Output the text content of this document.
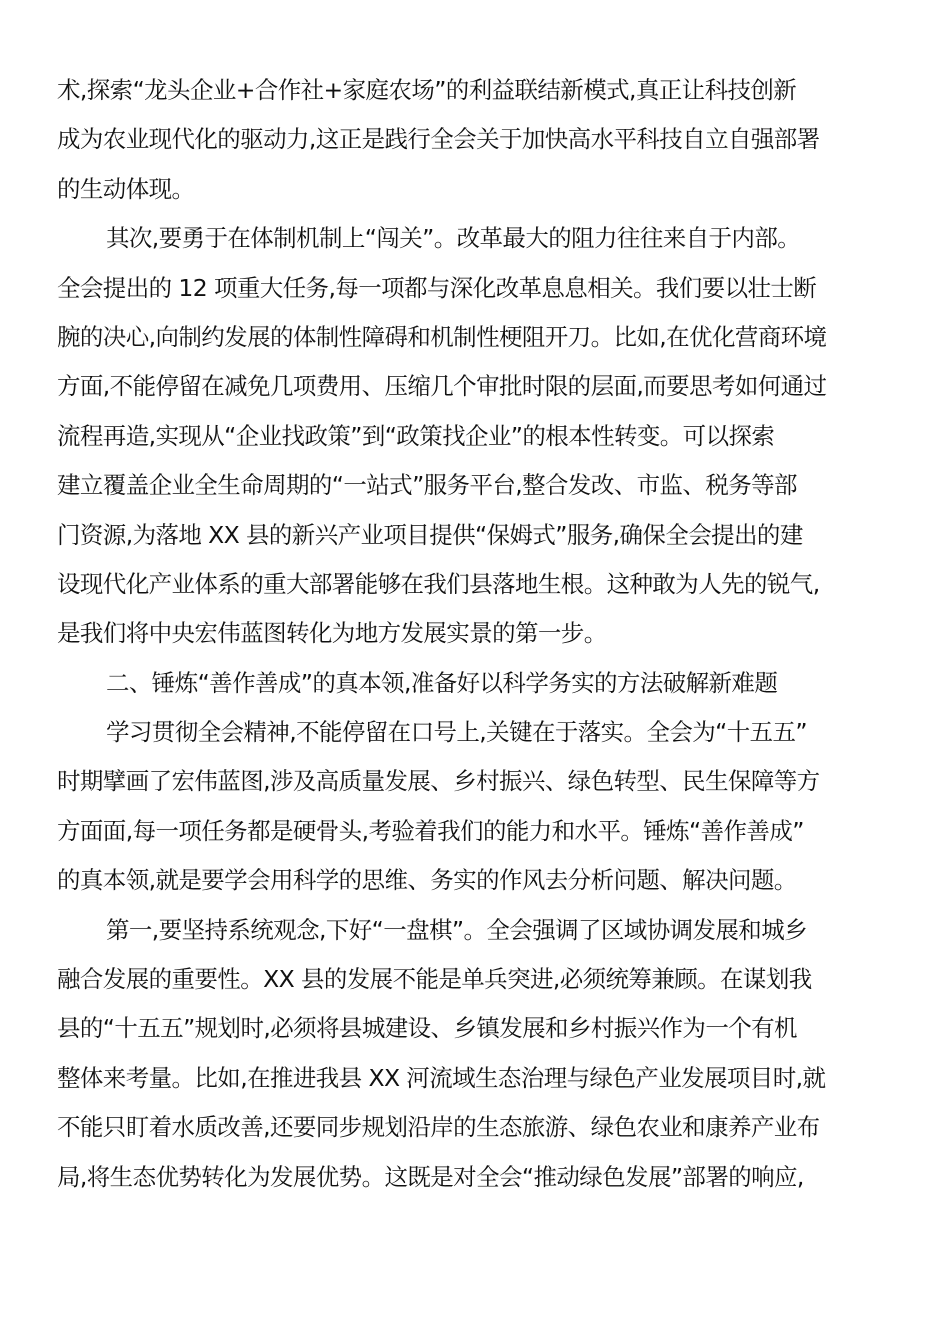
术,探索“龙头企业+合作社+家庭农场”的利益联结新模式,真正让科技创新
成为农业现代化的驱动力,这正是践行全会关于加快高水平科技自立自强部署
的生动体现。
其次,要勇于在体制机制上“闯关”。改革最大的阻力往往来自于内部。
全会提出的 12 项重大任务,每一项都与深化改革息息相关。我们要以壮士断
腕的决心,向制约发展的体制性障碍和机制性梗阻开刀。比如,在优化营商环境
方面,不能停留在减免几项费用、压缩几个审批时限的层面,而要思考如何通过
流程再造,实现从“企业找政策”到“政策找企业”的根本性转变。可以探索
建立覆盖企业全生命周期的“一站式”服务平台,整合发改、市监、税务等部
门资源,为落地 XX 县的新兴产业项目提供“保姆式”服务,确保全会提出的建
设现代化产业体系的重大部署能够在我们县落地生根。这种敢为人先的锐气,
是我们将中央宏伟蓝图转化为地方发展实景的第一步。
二、锤炼“善作善成”的真本领,准备好以科学务实的方法破解新难题
学习贯彻全会精神,不能停留在口号上,关键在于落实。全会为“十五五”
时期擘画了宏伟蓝图,涉及高质量发展、乡村振兴、绿色转型、民生保障等方
方面面,每一项任务都是硬骨头,考验着我们的能力和水平。锤炼“善作善成”
的真本领,就是要学会用科学的思维、务实的作风去分析问题、解决问题。
第一,要坚持系统观念,下好“一盘棋”。全会强调了区域协调发展和城乡
融合发展的重要性。XX 县的发展不能是单兵突进,必须统筹兼顾。在谋划我
县的“十五五”规划时,必须将县城建设、乡镇发展和乡村振兴作为一个有机
整体来考量。比如,在推进我县 XX 河流域生态治理与绿色产业发展项目时,就
不能只盯着水质改善,还要同步规划沿岸的生态旅游、绿色农业和康养产业布
局,将生态优势转化为发展优势。这既是对全会“推动绿色发展”部署的响应,
